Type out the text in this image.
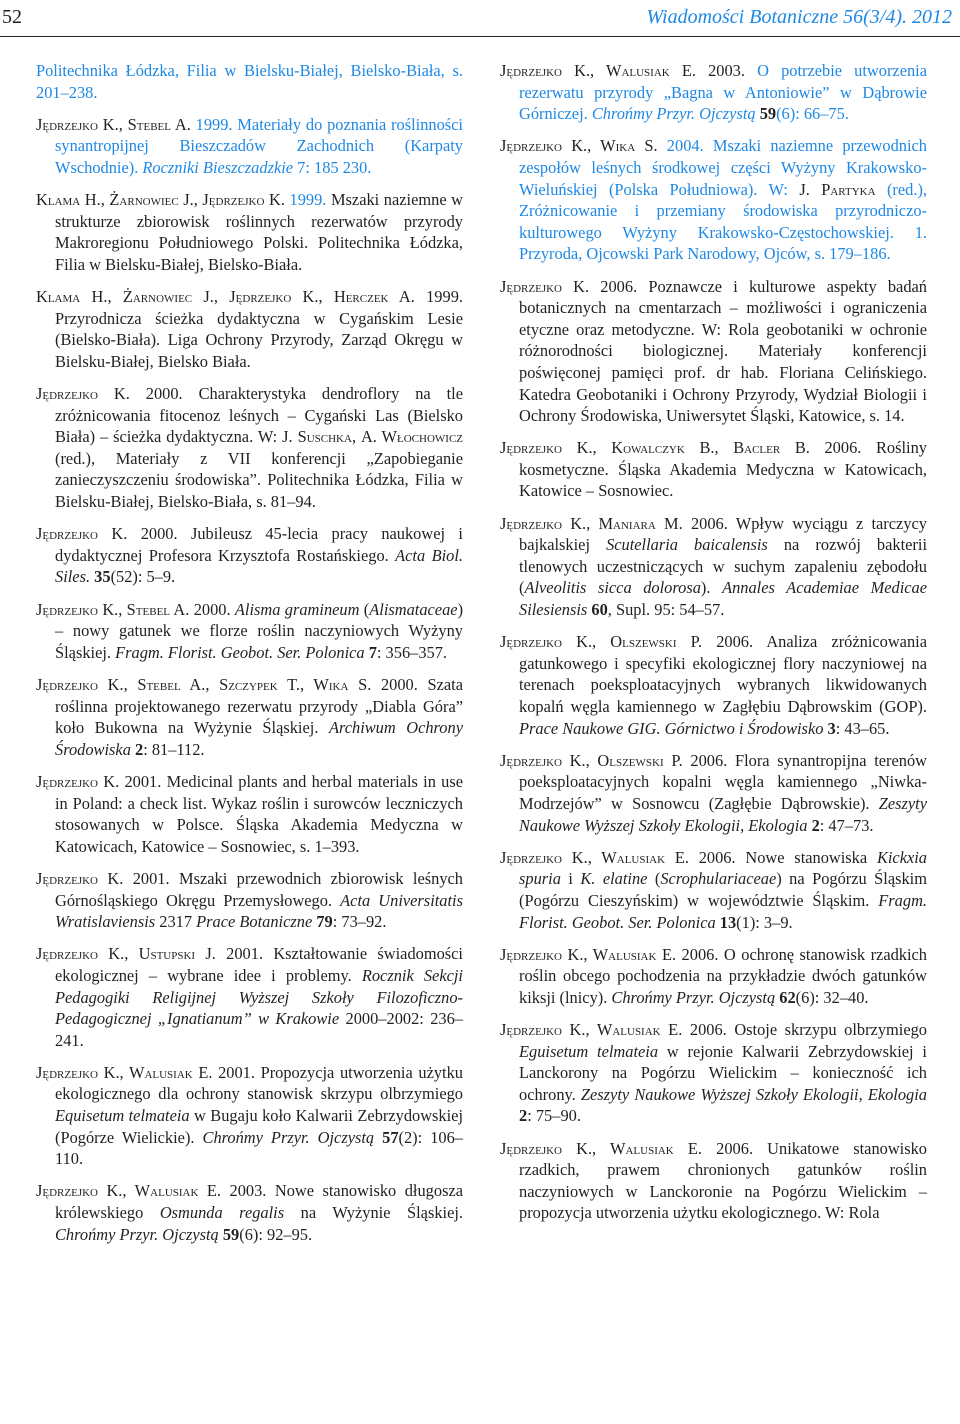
52	Wiadomości Botaniczne 56(3/4). 2012

Politechnika Łódzka, Filia w Bielsku-Białej, Bielsko-Biała, s. 201–238.

Jędrzejko K., Stebel A. 1999. Materiały do poznania roślinności synantropijnej Bieszczadów Zachodnich (Karpaty Wschodnie). Roczniki Bieszczadzkie 7: 185 230.

Klama H., Żarnowiec J., Jędrzejko K. 1999. Mszaki naziemne w strukturze zbiorowisk roślinnych rezerwatów przyrody Makroregionu Południowego Polski. Politechnika Łódzka, Filia w Bielsku-Białej, Bielsko-Biała.

Klama H., Żarnowiec J., Jędrzejko K., Herczek A. 1999. Przyrodnicza ścieżka dydaktyczna w Cygańskim Lesie (Bielsko-Biała). Liga Ochrony Przyrody, Zarząd Okręgu w Bielsku-Białej, Bielsko Biała.

Jędrzejko K. 2000. Charakterystyka dendroflory na tle zróżnicowania fitocenoz leśnych – Cygański Las (Bielsko Biała) – ścieżka dydaktyczna. W: J. Suschka, A. Włochowicz (red.), Materiały z VII konferencji „Zapobieganie zanieczyszczeniu środowiska”. Politechnika Łódzka, Filia w Bielsku-Białej, Bielsko-Biała, s. 81–94.

Jędrzejko K. 2000. Jubileusz 45-lecia pracy naukowej i dydaktycznej Profesora Krzysztofa Rostańskiego. Acta Biol. Siles. 35(52): 5–9.

Jędrzejko K., Stebel A. 2000. Alisma gramineum (Alismataceae) – nowy gatunek we florze roślin naczyniowych Wyżyny Śląskiej. Fragm. Florist. Geobot. Ser. Polonica 7: 356–357.

Jędrzejko K., Stebel A., Szczypek T., Wika S. 2000. Szata roślinna projektowanego rezerwatu przyrody „Diabla Góra” koło Bukowna na Wyżynie Śląskiej. Archiwum Ochrony Środowiska 2: 81–112.

Jędrzejko K. 2001. Medicinal plants and herbal materials in use in Poland: a check list. Wykaz roślin i surowców leczniczych stosowanych w Polsce. Śląska Akademia Medyczna w Katowicach, Katowice – Sosnowiec, s. 1–393.

Jędrzejko K. 2001. Mszaki przewodnich zbiorowisk leśnych Górnośląskiego Okręgu Przemysłowego. Acta Universitatis Wratislaviensis 2317 Prace Botaniczne 79: 73–92.

Jędrzejko K., Ustupski J. 2001. Kształtowanie świadomości ekologicznej – wybrane idee i problemy. Rocznik Sekcji Pedagogiki Religijnej Wyższej Szkoły Filozoficzno-Pedagogicznej „Ignatianum” w Krakowie 2000–2002: 236–241.

Jędrzejko K., Walusiak E. 2001. Propozycja utworzenia użytku ekologicznego dla ochrony stanowisk skrzypu olbrzymiego Equisetum telmateia w Bugaju koło Kalwarii Zebrzydowskiej (Pogórze Wielickie). Chrońmy Przyr. Ojczystą 57(2): 106–110.

Jędrzejko K., Walusiak E. 2003. Nowe stanowisko długosza królewskiego Osmunda regalis na Wyżynie Śląskiej. Chrońmy Przyr. Ojczystą 59(6): 92–95.

Jędrzejko K., Walusiak E. 2003. O potrzebie utworzenia rezerwatu przyrody „Bagna w Antoniowie” w Dąbrowie Górniczej. Chrońmy Przyr. Ojczystą 59(6): 66–75.

Jędrzejko K., Wika S. 2004. Mszaki naziemne przewodnich zespołów leśnych środkowej części Wyżyny Krakowsko-Wieluńskiej (Polska Południowa). W: J. Partyka (red.), Zróżnicowanie i przemiany środowiska przyrodniczo-kulturowego Wyżyny Krakowsko-Częstochowskiej. 1. Przyroda, Ojcowski Park Narodowy, Ojców, s. 179–186.

Jędrzejko K. 2006. Poznawcze i kulturowe aspekty badań botanicznych na cmentarzach – możliwości i ograniczenia etyczne oraz metodyczne. W: Rola geobotaniki w ochronie różnorodności biologicznej. Materiały konferencji poświęconej pamięci prof. dr hab. Floriana Celińskiego. Katedra Geobotaniki i Ochrony Przyrody, Wydział Biologii i Ochrony Środowiska, Uniwersytet Śląski, Katowice, s. 14.

Jędrzejko K., Kowalczyk B., Bacler B. 2006. Rośliny kosmetyczne. Śląska Akademia Medyczna w Katowicach, Katowice – Sosnowiec.

Jędrzejko K., Maniara M. 2006. Wpływ wyciągu z tarczycy bajkalskiej Scutellaria baicalensis na rozwój bakterii tlenowych uczestniczących w suchym zapaleniu zębodołu (Alveolitis sicca dolorosa). Annales Academiae Medicae Silesiensis 60, Supl. 95: 54–57.

Jędrzejko K., Olszewski P. 2006. Analiza zróżnicowania gatunkowego i specyfiki ekologicznej flory naczyniowej na terenach poeksploatacyjnych wybranych likwidowanych kopalń węgla kamiennego w Zagłębiu Dąbrowskim (GOP). Prace Naukowe GIG. Górnictwo i Środowisko 3: 43–65.

Jędrzejko K., Olszewski P. 2006. Flora synantropijna terenów poeksploatacyjnych kopalni węgla kamiennego „Niwka-Modrzejów” w Sosnowcu (Zagłębie Dąbrowskie). Zeszyty Naukowe Wyższej Szkoły Ekologii, Ekologia 2: 47–73.

Jędrzejko K., Walusiak E. 2006. Nowe stanowiska Kickxia spuria i K. elatine (Scrophulariaceae) na Pogórzu Śląskim (Pogórzu Cieszyńskim) w województwie Śląskim. Fragm. Florist. Geobot. Ser. Polonica 13(1): 3–9.

Jędrzejko K., Walusiak E. 2006. O ochronę stanowisk rzadkich roślin obcego pochodzenia na przykładzie dwóch gatunków kiksji (lnicy). Chrońmy Przyr. Ojczystą 62(6): 32–40.

Jędrzejko K., Walusiak E. 2006. Ostoje skrzypu olbrzymiego Eguisetum telmateia w rejonie Kalwarii Zebrzydowskiej i Lanckorony na Pogórzu Wielickim – konieczność ich ochrony. Zeszyty Naukowe Wyższej Szkoły Ekologii, Ekologia 2: 75–90.

Jędrzejko K., Walusiak E. 2006. Unikatowe stanowisko rzadkich, prawem chronionych gatunków roślin naczyniowych w Lanckoronie na Pogórzu Wielickim – propozycja utworzenia użytku ekologicznego. W: Rola
